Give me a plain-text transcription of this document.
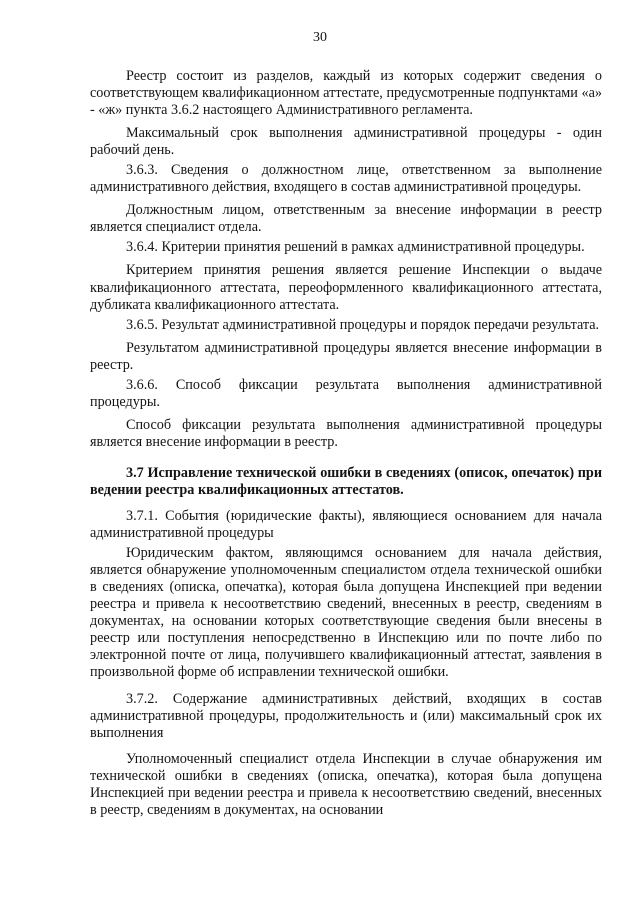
30

Реестр состоит из разделов, каждый из которых содержит сведения о соответствующем квалификационном аттестате, предусмотренные подпунктами «а» - «ж» пункта 3.6.2 настоящего Административного регламента.

Максимальный срок выполнения административной процедуры - один рабочий день.

3.6.3. Сведения о должностном лице, ответственном за выполнение административного действия, входящего в состав административной процедуры.

Должностным лицом, ответственным за внесение информации в реестр является специалист отдела.

3.6.4. Критерии принятия решений в рамках административной процедуры.

Критерием принятия решения является решение Инспекции о выдаче квалификационного аттестата, переоформленного квалификационного аттестата, дубликата квалификационного аттестата.

3.6.5. Результат административной процедуры и порядок передачи результата.

Результатом административной процедуры является внесение информации в реестр.

3.6.6. Способ фиксации результата выполнения административной процедуры.

Способ фиксации результата выполнения административной процедуры является внесение информации в реестр.

3.7 Исправление технической ошибки в сведениях (описок, опечаток) при ведении реестра квалификационных аттестатов.

3.7.1. События (юридические факты), являющиеся основанием для начала административной процедуры

Юридическим фактом, являющимся основанием для начала действия, является обнаружение уполномоченным специалистом отдела технической ошибки в сведениях (описка, опечатка), которая была допущена Инспекцией при ведении реестра и привела к несоответствию сведений, внесенных в реестр, сведениям в документах, на основании которых соответствующие сведения были внесены в реестр или поступления непосредственно в Инспекцию или по почте либо по электронной почте от лица, получившего квалификационный аттестат, заявления в произвольной форме об исправлении технической ошибки.

3.7.2. Содержание административных действий, входящих в состав административной процедуры, продолжительность и (или) максимальный срок их выполнения

Уполномоченный специалист отдела Инспекции в случае обнаружения им технической ошибки в сведениях (описка, опечатка), которая была допущена Инспекцией при ведении реестра и привела к несоответствию сведений, внесенных в реестр, сведениям в документах, на основании
